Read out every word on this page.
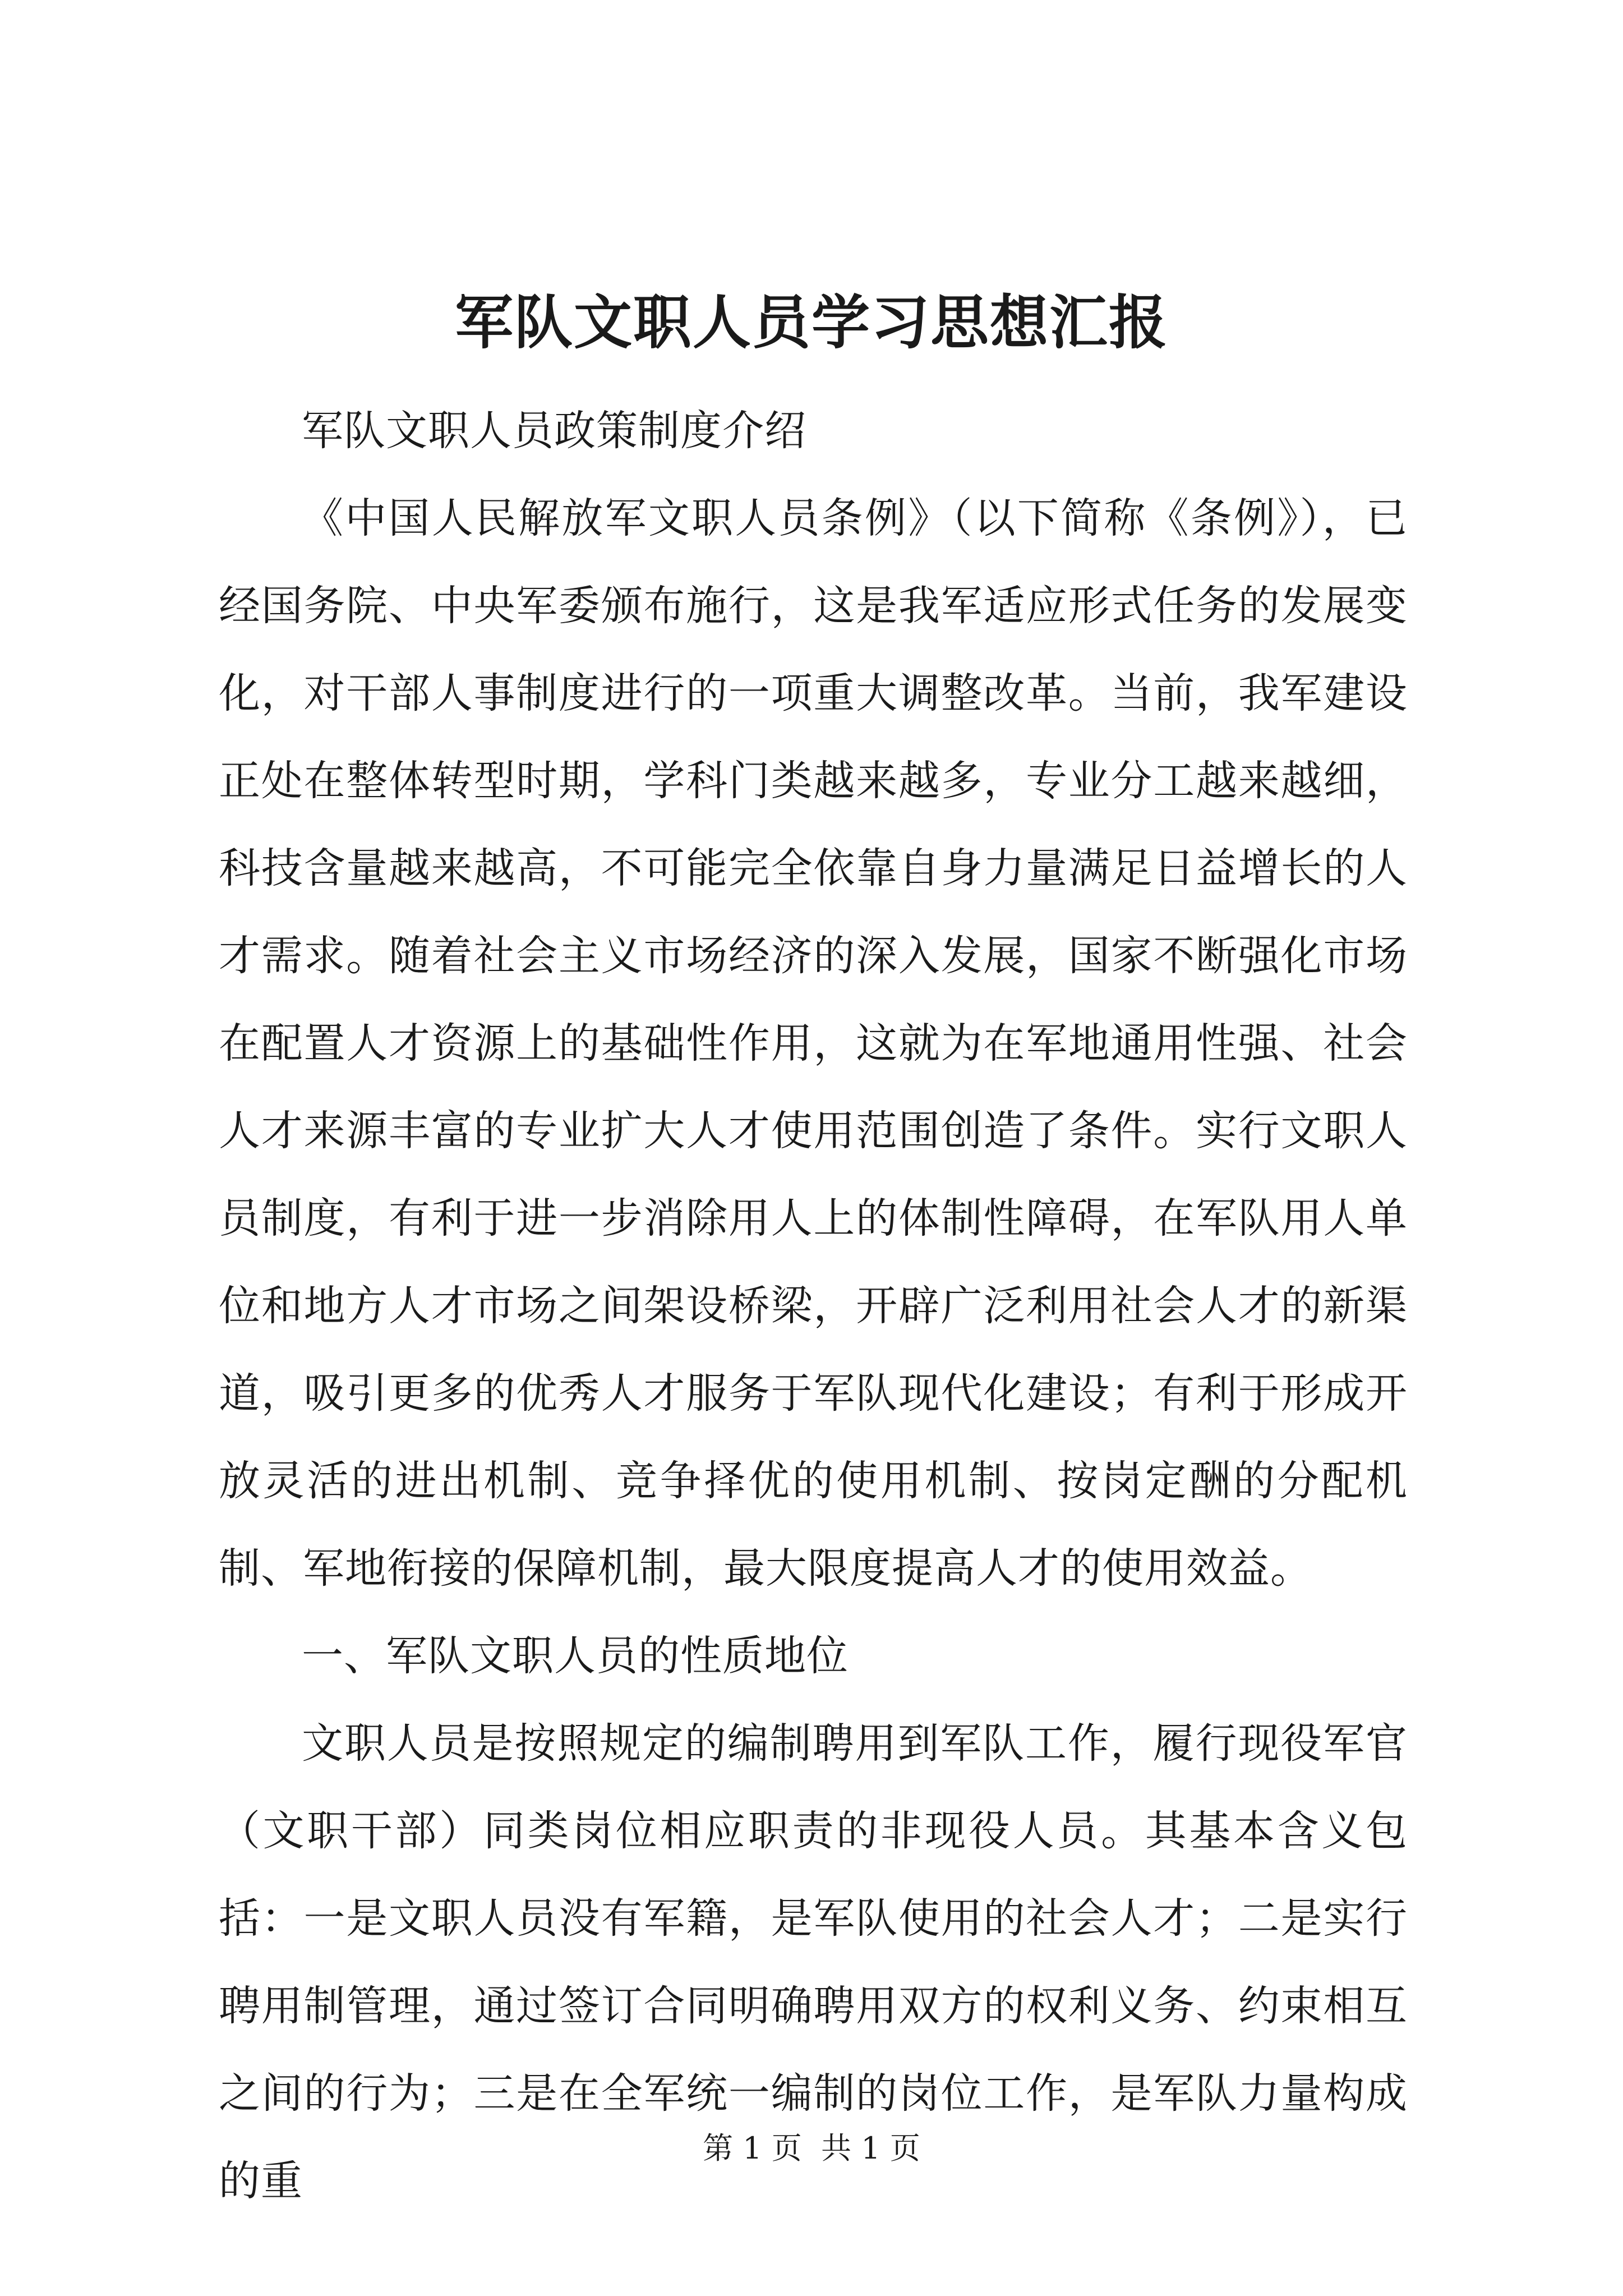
军队文职人员学习思想汇报

军队文职人员政策制度介绍

《中国人民解放军文职人员条例》（以下简称《条例》），已经国务院、中央军委颁布施行，这是我军适应形式任务的发展变化，对干部人事制度进行的一项重大调整改革。当前，我军建设正处在整体转型时期，学科门类越来越多，专业分工越来越细，科技含量越来越高，不可能完全依靠自身力量满足日益增长的人才需求。随着社会主义市场经济的深入发展，国家不断强化市场在配置人才资源上的基础性作用，这就为在军地通用性强、社会人才来源丰富的专业扩大人才使用范围创造了条件。实行文职人员制度，有利于进一步消除用人上的体制性障碍，在军队用人单位和地方人才市场之间架设桥梁，开辟广泛利用社会人才的新渠道，吸引更多的优秀人才服务于军队现代化建设；有利于形成开放灵活的进出机制、竞争择优的使用机制、按岗定酬的分配机制、军地衔接的保障机制，最大限度提高人才的使用效益。

一、军队文职人员的性质地位

文职人员是按照规定的编制聘用到军队工作，履行现役军官（文职干部）同类岗位相应职责的非现役人员。其基本含义包括：一是文职人员没有军籍，是军队使用的社会人才；二是实行聘用制管理，通过签订合同明确聘用双方的权利义务、约束相互之间的行为；三是在全军统一编制的岗位工作，是军队力量构成的重

第 1 页  共 1 页
